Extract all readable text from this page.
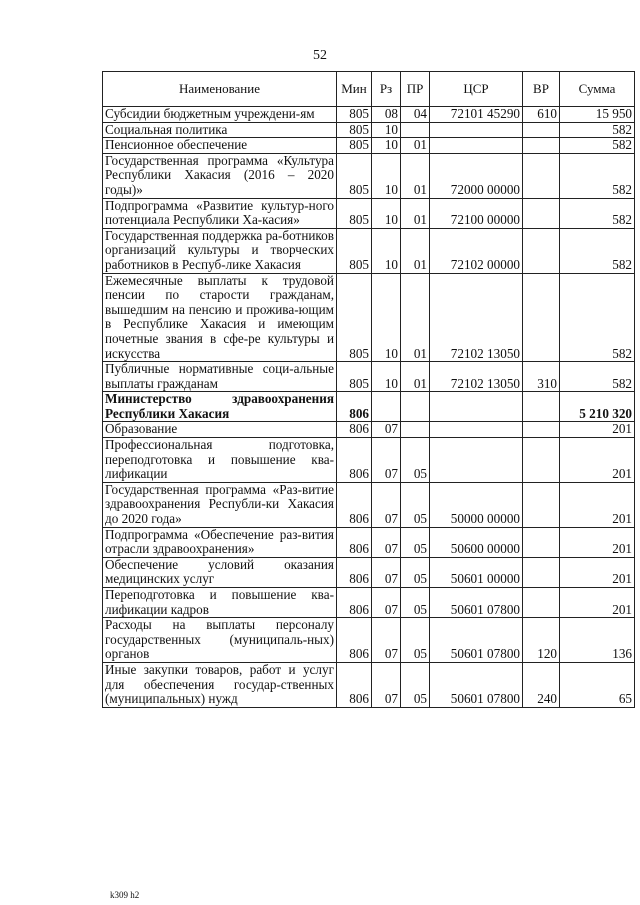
52
Наименование	Мин	Рз	ПР	ЦСР	ВР	Сумма
Субсидии бюджетным учреждени-ям	805	08	04	72101 45290	610	15 950
Социальная политика	805	10				582
Пенсионное обеспечение	805	10	01			582
Государственная программа «Культура Республики Хакасия (2016 – 2020 годы)»	805	10	01	72000 00000		582
Подпрограмма «Развитие культур-ного потенциала Республики Ха-касия»	805	10	01	72100 00000		582
Государственная поддержка ра-ботников организаций культуры и творческих работников в Респуб-лике Хакасия	805	10	01	72102 00000		582
Ежемесячные выплаты к трудовой пенсии по старости гражданам, вышедшим на пенсию и прожива-ющим в Республике Хакасия и имеющим почетные звания в сфе-ре культуры и искусства	805	10	01	72102 13050		582
Публичные нормативные соци-альные выплаты гражданам	805	10	01	72102 13050	310	582
Министерство здравоохранения Республики Хакасия	806					5 210 320
Образование	806	07				201
Профессиональная подготовка, переподготовка и повышение ква-лификации	806	07	05			201
Государственная программа «Раз-витие здравоохранения Республи-ки Хакасия до 2020 года»	806	07	05	50000 00000		201
Подпрограмма «Обеспечение раз-вития отрасли здравоохранения»	806	07	05	50600 00000		201
Обеспечение условий оказания медицинских услуг	806	07	05	50601 00000		201
Переподготовка и повышение ква-лификации кадров	806	07	05	50601 07800		201
Расходы на выплаты персоналу государственных (муниципаль-ных) органов	806	07	05	50601 07800	120	136
Иные закупки товаров, работ и услуг для обеспечения государ-ственных (муниципальных) нужд	806	07	05	50601 07800	240	65
k309 h2
